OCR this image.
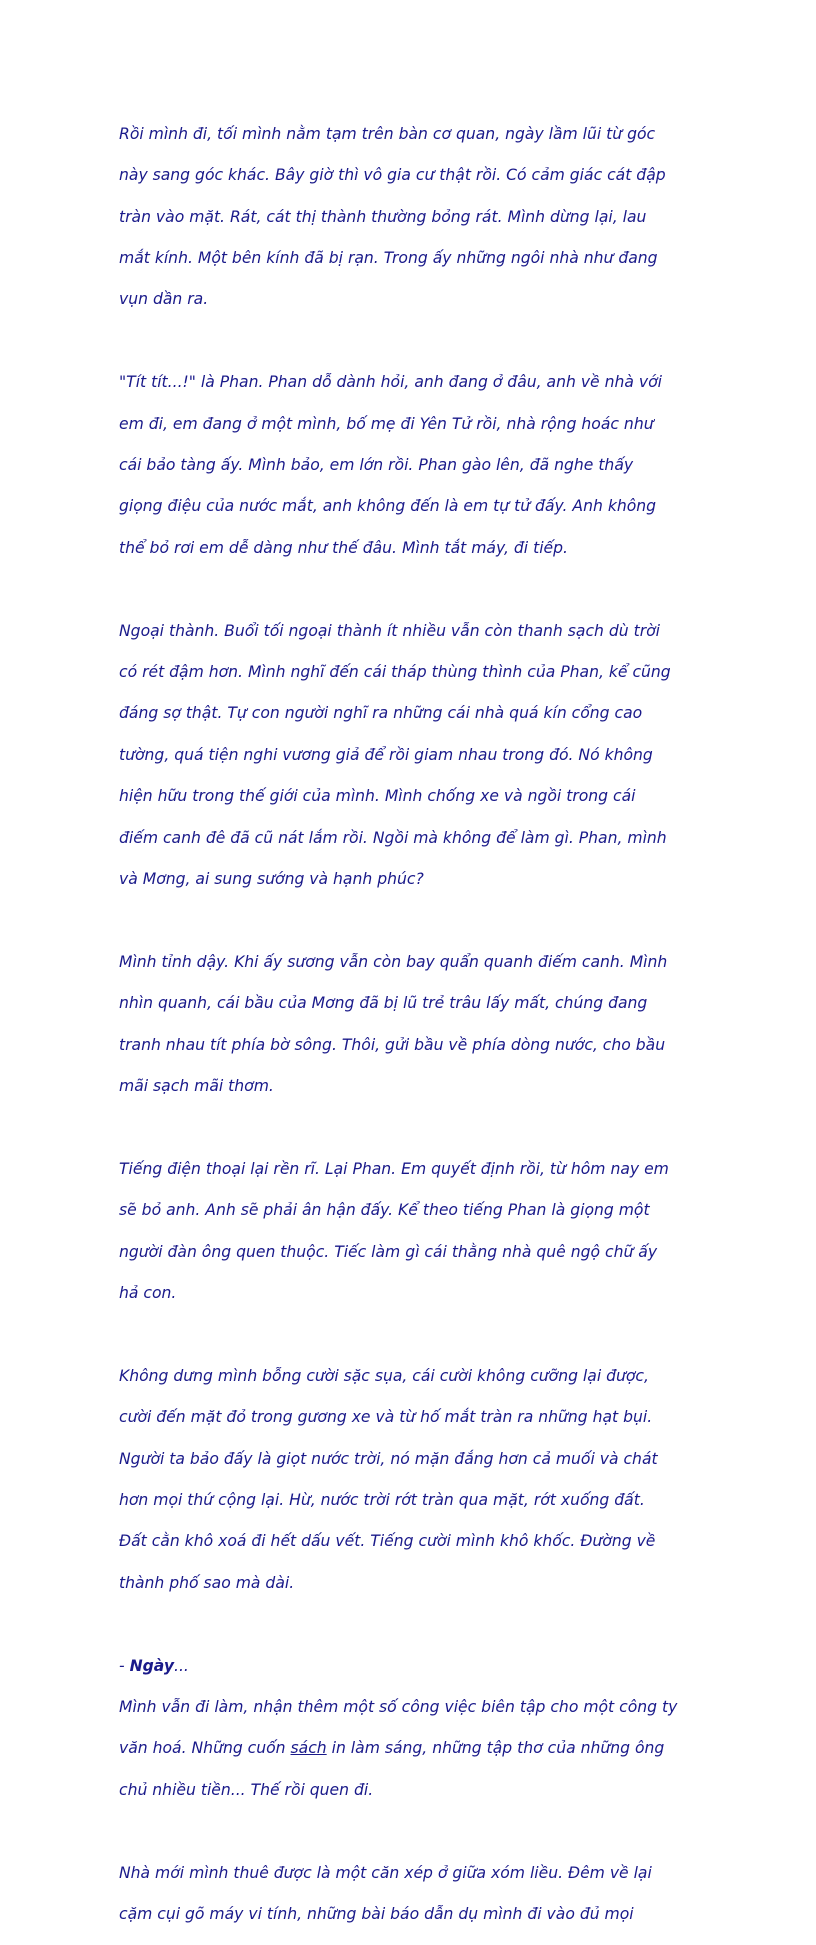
Rồi mình đi, tối mình nằm tạm trên bàn cơ quan, ngày lầm lũi từ góc

này sang góc khác. Bây giờ thì vô gia cư thật rồi. Có cảm giác cát đập

tràn vào mặt. Rát, cát thị thành thường bỏng rát. Mình dừng lại, lau

mắt kính. Một bên kính đã bị rạn. Trong ấy những ngôi nhà như đang

vụn dần ra.

"Tít tít...!" là Phan. Phan dỗ dành hỏi, anh đang ở đâu, anh về nhà với

em đi, em đang ở một mình, bố mẹ đi Yên Tử rồi, nhà rộng hoác như

cái bảo tàng ấy. Mình bảo, em lớn rồi. Phan gào lên, đã nghe thấy

giọng điệu của nước mắt, anh không đến là em tự tử đấy. Anh không

thể bỏ rơi em dễ dàng như thế đâu. Mình tắt máy, đi tiếp.

Ngoại thành. Buổi tối ngoại thành ít nhiều vẫn còn thanh sạch dù trời

có rét đậm hơn. Mình nghĩ đến cái tháp thùng thình của Phan, kể cũng

đáng sợ thật. Tự con người nghĩ ra những cái nhà quá kín cổng cao

tường, quá tiện nghi vương giả để rồi giam nhau trong đó. Nó không

hiện hữu trong thế giới của mình. Mình chống xe và ngồi trong cái

điếm canh đê đã cũ nát lắm rồi. Ngồi mà không để làm gì. Phan, mình

và Mơng, ai sung sướng và hạnh phúc?

Mình tỉnh dậy. Khi ấy sương vẫn còn bay quẩn quanh điếm canh. Mình

nhìn quanh, cái bầu của Mơng đã bị lũ trẻ trâu lấy mất, chúng đang

tranh nhau tít phía bờ sông. Thôi, gửi bầu về phía dòng nước, cho bầu

mãi sạch mãi thơm.

Tiếng điện thoại lại rền rĩ. Lại Phan. Em quyết định rồi, từ hôm nay em

sẽ bỏ anh. Anh sẽ phải ân hận đấy. Kể theo tiếng Phan là giọng một

người đàn ông quen thuộc. Tiếc làm gì cái thằng nhà quê ngộ chữ ấy

hả con.

Không dưng mình bỗng cười sặc sụa, cái cười không cưỡng lại được,

cười đến mặt đỏ trong gương xe và từ hố mắt tràn ra những hạt bụi.

Người ta bảo đấy là giọt nước trời, nó mặn đắng hơn cả muối và chát

hơn mọi thứ cộng lại. Hừ, nước trời rớt tràn qua mặt, rớt xuống đất.

Đất cằn khô xoá đi hết dấu vết. Tiếng cười mình khô khốc. Đường về

thành phố sao mà dài.

- Ngày...

Mình vẫn đi làm, nhận thêm một số công việc biên tập cho một công ty

văn hoá. Những cuốn sách in làm sáng, những tập thơ của những ông

chủ nhiều tiền... Thế rồi quen đi.

Nhà mới mình thuê được là một căn xép ở giữa xóm liều. Đêm về lại

cặm cụi gõ máy vi tính, những bài báo dẫn dụ mình đi vào đủ mọi
